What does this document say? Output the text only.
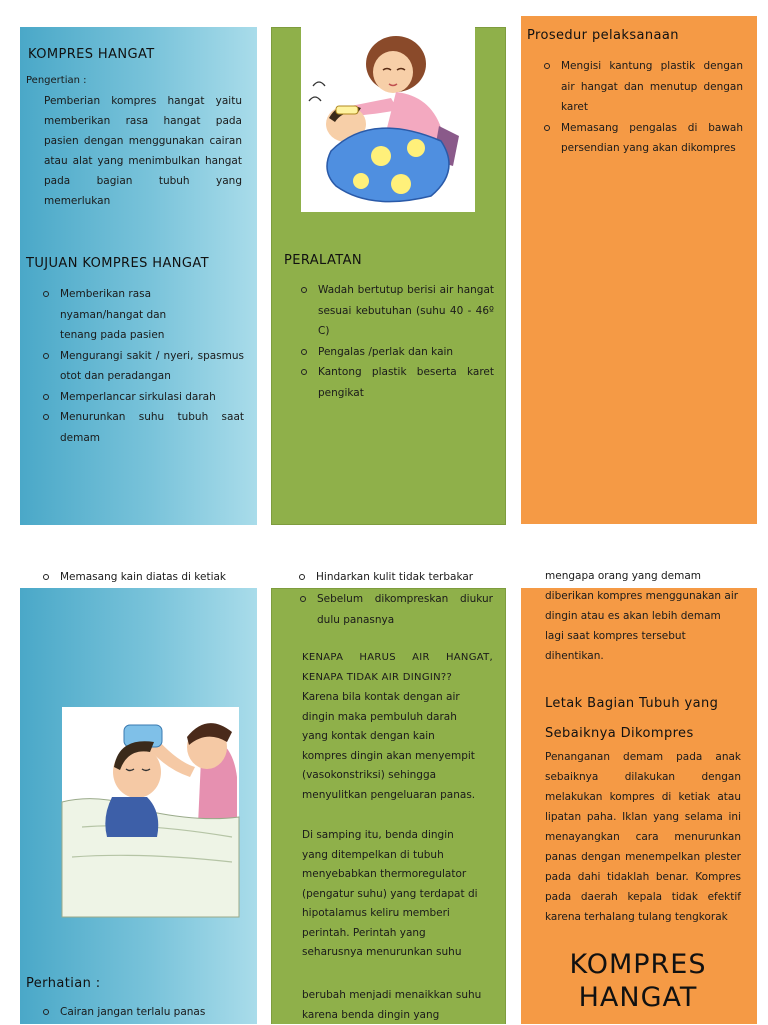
KOMPRES HANGAT
Pengertian :
Pemberian kompres hangat yaitu memberikan rasa hangat pada pasien dengan menggunakan cairan atau alat yang menimbulkan hangat pada bagian tubuh yang memerlukan
TUJUAN KOMPRES HANGAT
Memberikan rasa nyaman/hangat dan tenang pada pasien
Mengurangi sakit / nyeri, spasmus otot dan peradangan
Memperlancar sirkulasi darah
Menurunkan suhu tubuh saat demam
PERALATAN
Wadah bertutup berisi air hangat sesuai kebutuhan (suhu 40 - 46º C)
Pengalas /perlak dan kain
Kantong plastik beserta karet pengikat
Prosedur pelaksanaan
Mengisi kantung plastik dengan air hangat dan menutup dengan karet
Memasang pengalas di bawah persendian yang akan dikompres
Memasang kain diatas di ketiak
Perhatian :
Cairan jangan terlalu panas
Hindarkan kulit tidak terbakar
Sebelum dikompreskan diukur dulu panasnya
KENAPA HARUS AIR HANGAT, KENAPA TIDAK AIR DINGIN??
Karena bila kontak dengan air dingin maka pembuluh darah yang kontak dengan kain kompres dingin akan menyempit (vasokonstriksi) sehingga menyulitkan pengeluaran panas.
Di samping itu, benda dingin yang ditempelkan di tubuh menyebabkan thermoregulator (pengatur suhu) yang terdapat di hipotalamus keliru memberi perintah. Perintah yang seharusnya menurunkan suhu
berubah menjadi menaikkan suhu karena benda dingin yang
mengapa orang yang demam diberikan kompres menggunakan air dingin atau es akan lebih demam lagi saat kompres tersebut dihentikan.
Letak Bagian Tubuh yang Sebaiknya Dikompres
Penanganan demam pada anak sebaiknya dilakukan dengan melakukan kompres di ketiak atau lipatan paha. Iklan yang selama ini menayangkan cara menurunkan panas dengan menempelkan plester pada dahi tidaklah benar. Kompres pada daerah kepala tidak efektif karena terhalang tulang tengkorak
KOMPRES HANGAT
